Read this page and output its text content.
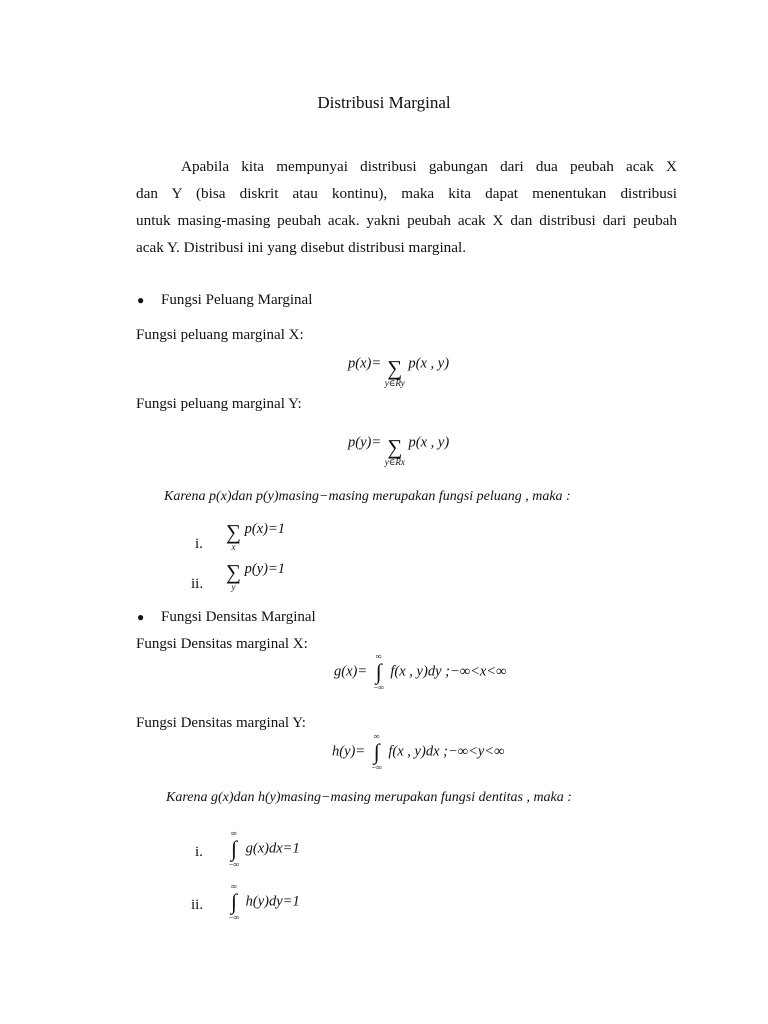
Distribusi Marginal
Apabila kita mempunyai distribusi gabungan dari dua peubah acak X
dan Y (bisa diskrit atau kontinu), maka kita dapat menentukan distribusi
untuk masing-masing peubah acak. yakni peubah acak X dan distribusi dari peubah
acak Y. Distribusi ini yang disebut distribusi marginal.
● Fungsi Peluang Marginal
Fungsi peluang marginal X:
p(x)= ∑
y∈Ry
p(x , y)
Fungsi peluang marginal Y:
p(y)= ∑
y∈Rx
p(x , y)
Karena p(x)dan p(y)masing−masing merupakan fungsi peluang , maka :
i. ∑
x
p(x)=1
ii. ∑
y
p(y)=1
● Fungsi Densitas Marginal
Fungsi Densitas marginal X:
g(x)=
∞
∫
−∞
f(x , y)dy ;−∞<x<∞
Fungsi Densitas marginal Y:
h(y)=
∞
∫
−∞
f(x , y)dx ;−∞<y<∞
Karena g(x)dan h(y)masing−masing merupakan fungsi dentitas , maka :
i.
∞
∫
−∞
g(x)dx=1
ii.
∞
∫
−∞
h(y)dy=1
